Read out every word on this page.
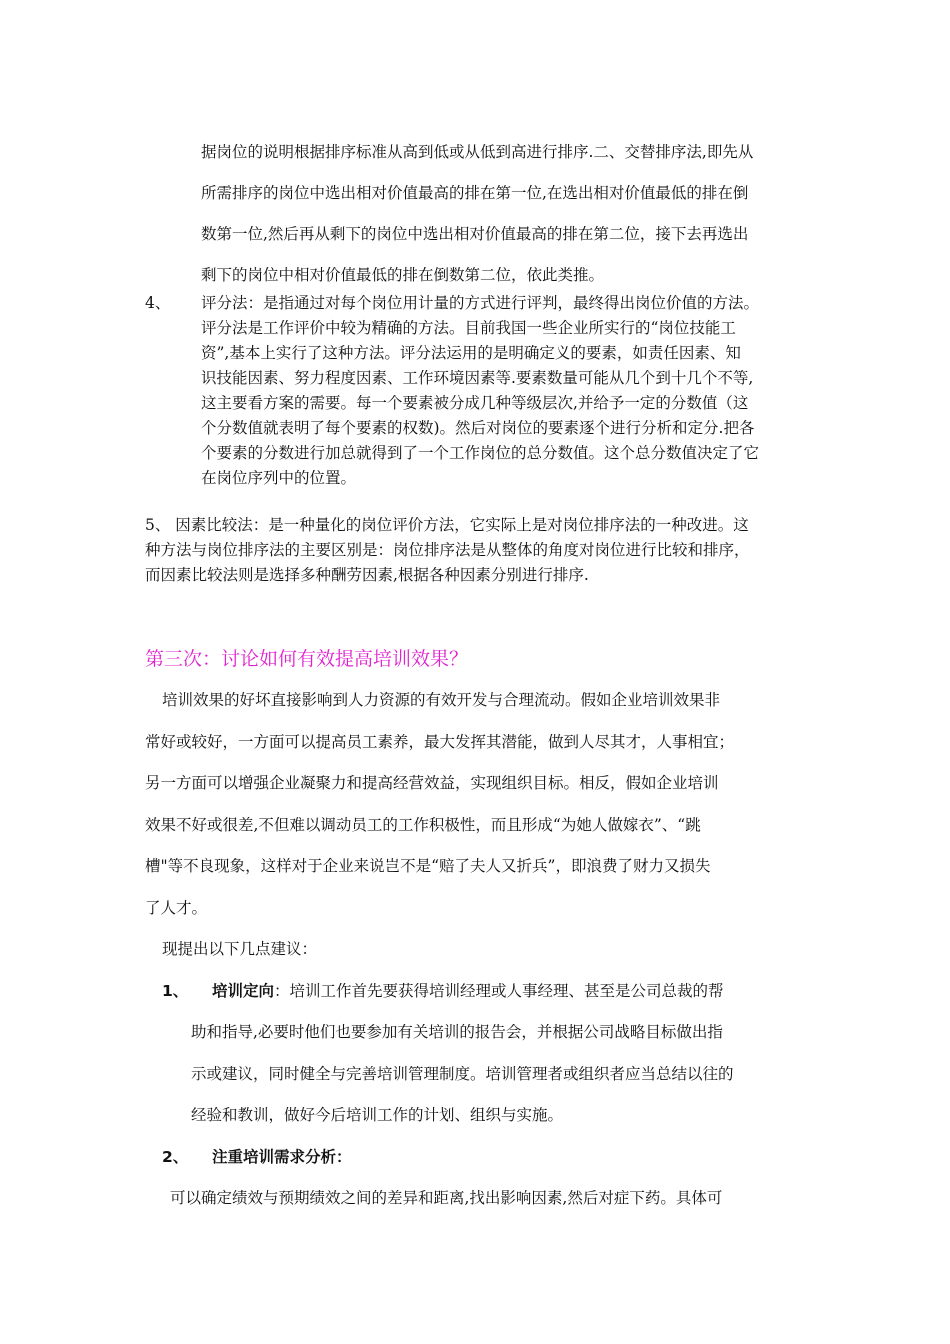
据岗位的说明根据排序标准从高到低或从低到高进行排序.二、交替排序法,即先从
所需排序的岗位中选出相对价值最高的排在第一位,在选出相对价值最低的排在倒
数第一位,然后再从剩下的岗位中选出相对价值最高的排在第二位，接下去再选出
剩下的岗位中相对价值最低的排在倒数第二位，依此类推。
4、 评分法：是指通过对每个岗位用计量的方式进行评判，最终得出岗位价值的方法。
评分法是工作评价中较为精确的方法。目前我国一些企业所实行的“岗位技能工
资”,基本上实行了这种方法。评分法运用的是明确定义的要素，如责任因素、知
识技能因素、努力程度因素、工作环境因素等.要素数量可能从几个到十几个不等,
这主要看方案的需要。每一个要素被分成几种等级层次,并给予一定的分数值（这
个分数值就表明了每个要素的权数)。然后对岗位的要素逐个进行分析和定分.把各
个要素的分数进行加总就得到了一个工作岗位的总分数值。这个总分数值决定了它
在岗位序列中的位置。
5、 因素比较法：是一种量化的岗位评价方法，它实际上是对岗位排序法的一种改进。这
种方法与岗位排序法的主要区别是：岗位排序法是从整体的角度对岗位进行比较和排序，
而因素比较法则是选择多种酬劳因素,根据各种因素分别进行排序.
第三次：讨论如何有效提高培训效果？
培训效果的好坏直接影响到人力资源的有效开发与合理流动。假如企业培训效果非
常好或较好，一方面可以提高员工素养，最大发挥其潜能，做到人尽其才，人事相宜；
另一方面可以增强企业凝聚力和提高经营效益，实现组织目标。相反，假如企业培训
效果不好或很差,不但难以调动员工的工作积极性，而且形成“为她人做嫁衣”、“跳
槽"等不良现象，这样对于企业来说岂不是“赔了夫人又折兵”，即浪费了财力又损失
了人才。
现提出以下几点建议：
1、 培训定向：培训工作首先要获得培训经理或人事经理、甚至是公司总裁的帮
助和指导,必要时他们也要参加有关培训的报告会，并根据公司战略目标做出指
示或建议，同时健全与完善培训管理制度。培训管理者或组织者应当总结以往的
经验和教训，做好今后培训工作的计划、组织与实施。
2、 注重培训需求分析：
可以确定绩效与预期绩效之间的差异和距离,找出影响因素,然后对症下药。具体可
